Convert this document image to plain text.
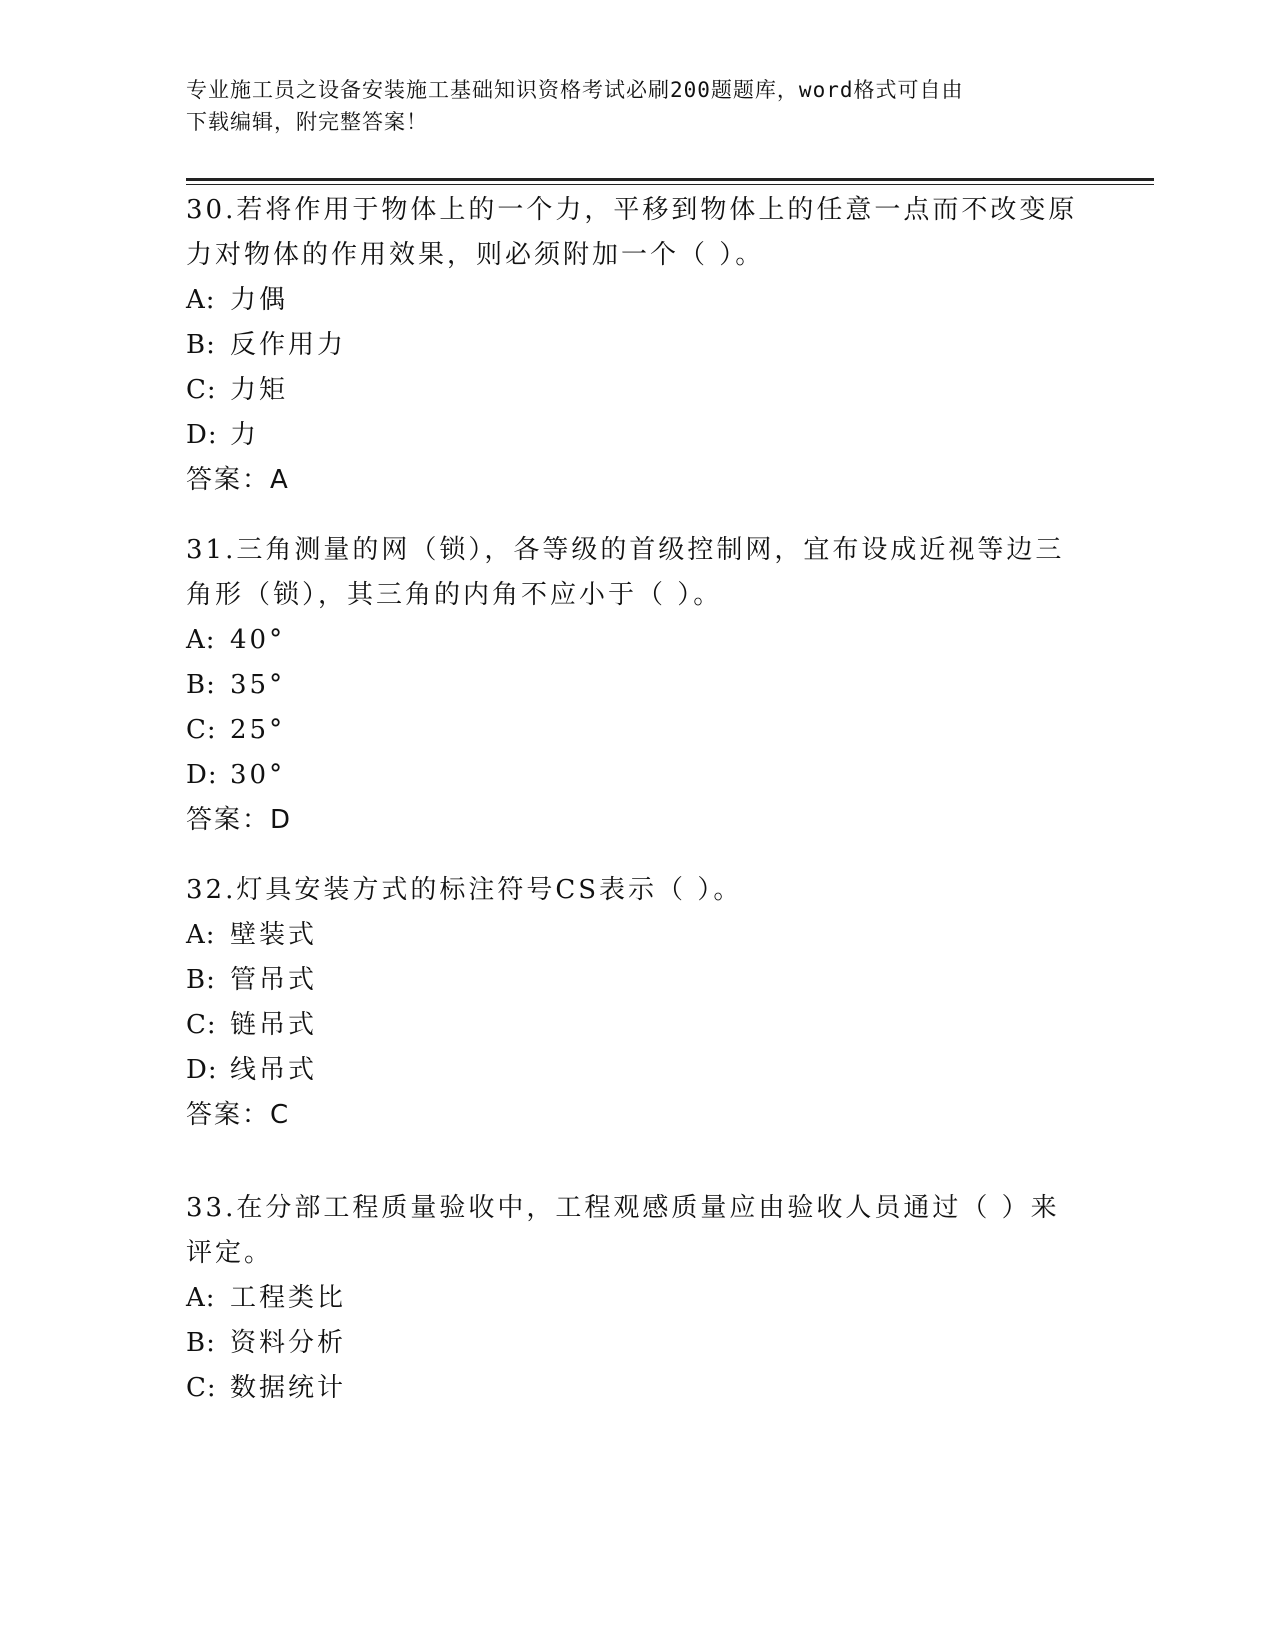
专业施工员之设备安装施工基础知识资格考试必刷200题题库，word格式可自由
下载编辑，附完整答案！
30.若将作用于物体上的一个力，平移到物体上的任意一点而不改变原
力对物体的作用效果，则必须附加一个（ ）。
A: 力偶
B: 反作用力
C: 力矩
D: 力
答案：A
31.三角测量的网（锁），各等级的首级控制网，宜布设成近视等边三
角形（锁），其三角的内角不应小于（ ）。
A: 40°
B: 35°
C: 25°
D: 30°
答案：D
32.灯具安装方式的标注符号CS表示（ ）。
A: 壁装式
B: 管吊式
C: 链吊式
D: 线吊式
答案：C
33.在分部工程质量验收中，工程观感质量应由验收人员通过（ ）来
评定。
A: 工程类比
B: 资料分析
C: 数据统计
